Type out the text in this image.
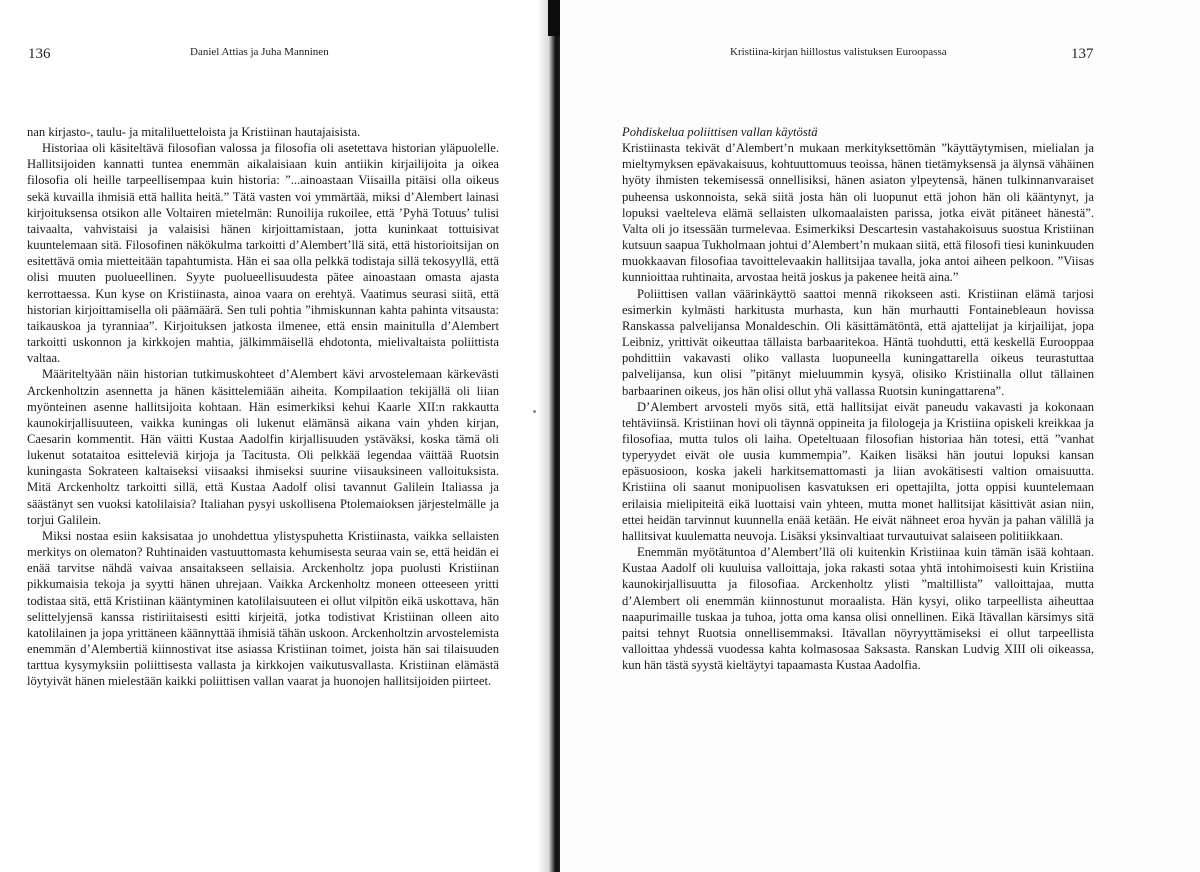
136	Daniel Attias ja Juha Manninen

nan kirjasto-, taulu- ja mitaliluetteloista ja Kristiinan hautajaisista.

Historiaa oli käsiteltävä filosofian valossa ja filosofia oli asetettava historian yläpuolelle. Hallitsijoiden kannatti tuntea enemmän aikalaisiaan kuin antiikin kirjailijoita ja oikea filosofia oli heille tarpeellisempaa kuin historia: ”...ainoastaan Viisailla pitäisi olla oikeus sekä kuvailla ihmisiä että hallita heitä.” Tätä vasten voi ymmärtää, miksi d’Alembert lainasi kirjoituksensa otsikon alle Voltairen mietelmän: Runoilija rukoilee, että ’Pyhä Totuus’ tulisi taivaalta, vahvistaisi ja valaisisi hänen kirjoittamistaan, jotta kuninkaat tottuisivat kuuntelemaan sitä. Filosofinen näkökulma tarkoitti d’Alembert’llä sitä, että historioitsijan on esitettävä omia mietteitään tapahtumista. Hän ei saa olla pelkkä todistaja sillä tekosyyllä, että olisi muuten puolueellinen. Syyte puolueellisuudesta pätee ainoastaan omasta ajasta kerrottaessa. Kun kyse on Kristiinasta, ainoa vaara on erehtyä. Vaatimus seurasi siitä, että historian kirjoittamisella oli päämäärä. Sen tuli pohtia ”ihmiskunnan kahta pahinta vitsausta: taikauskoa ja tyranniaa”. Kirjoituksen jatkosta ilmenee, että ensin mainitulla d’Alembert tarkoitti uskonnon ja kirkkojen mahtia, jälkimmäisellä ehdotonta, mielivaltaista poliittista valtaa.

Määriteltyään näin historian tutkimuskohteet d’Alembert kävi arvostelemaan kärkevästi Arckenholtzin asennetta ja hänen käsittelemiään aiheita. Kompilaation tekijällä oli liian myönteinen asenne hallitsijoita kohtaan. Hän esimerkiksi kehui Kaarle XII:n rakkautta kaunokirjallisuuteen, vaikka kuningas oli lukenut elämänsä aikana vain yhden kirjan, Caesarin kommentit. Hän väitti Kustaa Aadolfin kirjallisuuden ystäväksi, koska tämä oli lukenut sotataitoa esitteleviä kirjoja ja Tacitusta. Oli pelkkää legendaa väittää Ruotsin kuningasta Sokrateen kaltaiseksi viisaaksi ihmiseksi suurine viisauksineen valloituksista. Mitä Arckenholtz tarkoitti sillä, että Kustaa Aadolf olisi tavannut Galilein Italiassa ja säästänyt sen vuoksi katolilaisia? Italiahan pysyi uskollisena Ptolemaioksen järjestelmälle ja torjui Galilein.

Miksi nostaa esiin kaksisataa jo unohdettua ylistyspuhetta Kristiinasta, vaikka sellaisten merkitys on olematon? Ruhtinaiden vastuuttomasta kehumisesta seuraa vain se, että heidän ei enää tarvitse nähdä vaivaa ansaitakseen sellaisia. Arckenholtz jopa puolusti Kristiinan pikkumaisia tekoja ja syytti hänen uhrejaan. Vaikka Arckenholtz moneen otteeseen yritti todistaa sitä, että Kristiinan kääntyminen katolilaisuuteen ei ollut vilpitön eikä uskottava, hän selittelyjensä kanssa ristiriitaisesti esitti kirjeitä, jotka todistivat Kristiinan olleen aito katolilainen ja jopa yrittäneen käännyttää ihmisiä tähän uskoon. Arckenholtzin arvostelemista enemmän d’Alembertiä kiinnostivat itse asiassa Kristiinan toimet, joista hän sai tilaisuuden tarttua kysymyksiin poliittisesta vallasta ja kirkkojen vaikutusvallasta. Kristiinan elämästä löytyivät hänen mielestään kaikki poliittisen vallan vaarat ja huonojen hallitsijoiden piirteet.

Kristiina-kirjan hiillostus valistuksen Euroopassa	137

Pohdiskelua poliittisen vallan käytöstä

Kristiinasta tekivät d’Alembert’n mukaan merkityksettömän ”käyttäytymisen, mielialan ja mieltymyksen epävakaisuus, kohtuuttomuus teoissa, hänen tietämyksensä ja älynsä vähäinen hyöty ihmisten tekemisessä onnellisiksi, hänen asiaton ylpeytensä, hänen tulkinnanvaraiset puheensa uskonnoista, sekä siitä josta hän oli luopunut että johon hän oli kääntynyt, ja lopuksi vaelteleva elämä sellaisten ulkomaalaisten parissa, jotka eivät pitäneet hänestä”. Valta oli jo itsessään turmelevaa. Esimerkiksi Descartesin vastahakoisuus suostua Kristiinan kutsuun saapua Tukholmaan johtui d’Alembert’n mukaan siitä, että filosofi tiesi kuninkuuden muokkaavan filosofiaa tavoittelevaakin hallitsijaa tavalla, joka antoi aiheen pelkoon. ”Viisas kunnioittaa ruhtinaita, arvostaa heitä joskus ja pakenee heitä aina.”

Poliittisen vallan väärinkäyttö saattoi mennä rikokseen asti. Kristiinan elämä tarjosi esimerkin kylmästi harkitusta murhasta, kun hän murhautti Fontainebleaun hovissa Ranskassa palvelijansa Monaldeschin. Oli käsittämätöntä, että ajattelijat ja kirjailijat, jopa Leibniz, yrittivät oikeuttaa tällaista barbaaritekoa. Häntä tuohdutti, että keskellä Eurooppaa pohdittiin vakavasti oliko vallasta luopuneella kuningattarella oikeus teurastuttaa palvelijansa, kun olisi ”pitänyt mieluummin kysyä, olisiko Kristiinalla ollut tällainen barbaarinen oikeus, jos hän olisi ollut yhä vallassa Ruotsin kuningattarena”.

D’Alembert arvosteli myös sitä, että hallitsijat eivät paneudu vakavasti ja kokonaan tehtäviinsä. Kristiinan hovi oli täynnä oppineita ja filologeja ja Kristiina opiskeli kreikkaa ja filosofiaa, mutta tulos oli laiha. Opeteltuaan filosofian historiaa hän totesi, että ”vanhat typeryydet eivät ole uusia kummempia”. Kaiken lisäksi hän joutui lopuksi kansan epäsuosioon, koska jakeli harkitsemattomasti ja liian avokätisesti valtion omaisuutta. Kristiina oli saanut monipuolisen kasvatuksen eri opettajilta, jotta oppisi kuuntelemaan erilaisia mielipiteitä eikä luottaisi vain yhteen, mutta monet hallitsijat käsittivät asian niin, ettei heidän tarvinnut kuunnella enää ketään. He eivät nähneet eroa hyvän ja pahan välillä ja hallitsivat kuulematta neuvoja. Lisäksi yksinvaltiaat turvautuivat salaiseen politiikkaan.

Enemmän myötätuntoa d’Alembert’llä oli kuitenkin Kristiinaa kuin tämän isää kohtaan. Kustaa Aadolf oli kuuluisa valloittaja, joka rakasti sotaa yhtä intohimoisesti kuin Kristiina kaunokirjallisuutta ja filosofiaa. Arckenholtz ylisti ”maltillista” valloittajaa, mutta d’Alembert oli enemmän kiinnostunut moraalista. Hän kysyi, oliko tarpeellista aiheuttaa naapurimaille tuskaa ja tuhoa, jotta oma kansa olisi onnellinen. Eikä Itävallan kärsimys sitä paitsi tehnyt Ruotsia onnellisemmaksi. Itävallan nöyryyttämiseksi ei ollut tarpeellista valloittaa yhdessä vuodessa kahta kolmasosaa Saksasta. Ranskan Ludvig XIII oli oikeassa, kun hän tästä syystä kieltäytyi tapaamasta Kustaa Aadolfia.
